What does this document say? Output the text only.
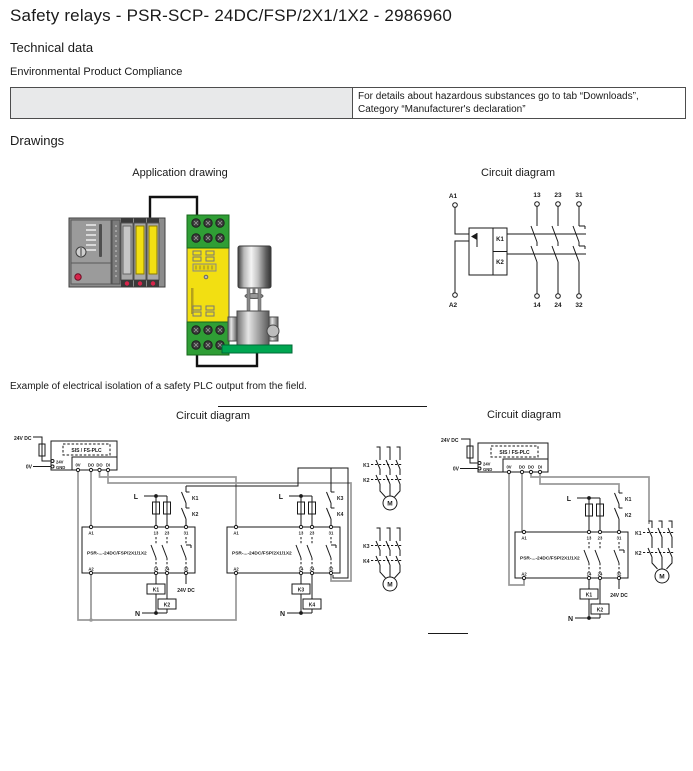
Safety relays - PSR-SCP- 24DC/FSP/2X1/1X2 - 2986960
Technical data
Environmental Product Compliance
	For details about hazardous substances go to tab “Downloads”, Category “Manufacturer's declaration”
Drawings
Application drawing	Circuit diagram
A1
A2
13 23 31
14 24 32
K1
K2
Example of electrical isolation of a safety PLC output from the field.
Circuit diagram	Circuit diagram
24V DC
0V
24V
GND
SIS / FS-PLC
0V DO DO DI
A1	13 23	31
A2	14 24	32
PSR-...-24DC/FSP/2X1/1X2
L	K1
K2
K1
K2
N
24V DC
A1	13 23	31
A2	14 24	32
PSR-...-24DC/FSP/2X1/1X2
L	K3
K4
K3
K4
N
K1
K2
M
K3
K4
M
24V DC
0V
24V
GND
SIS / FS-PLC
0V DO DO DI
L	K1
K2
A1	13 23	31
A2	14 24	32
PSR-...-24DC/FSP/2X1/1X2
K1
K2
N
24V DC
K1
K2
M
